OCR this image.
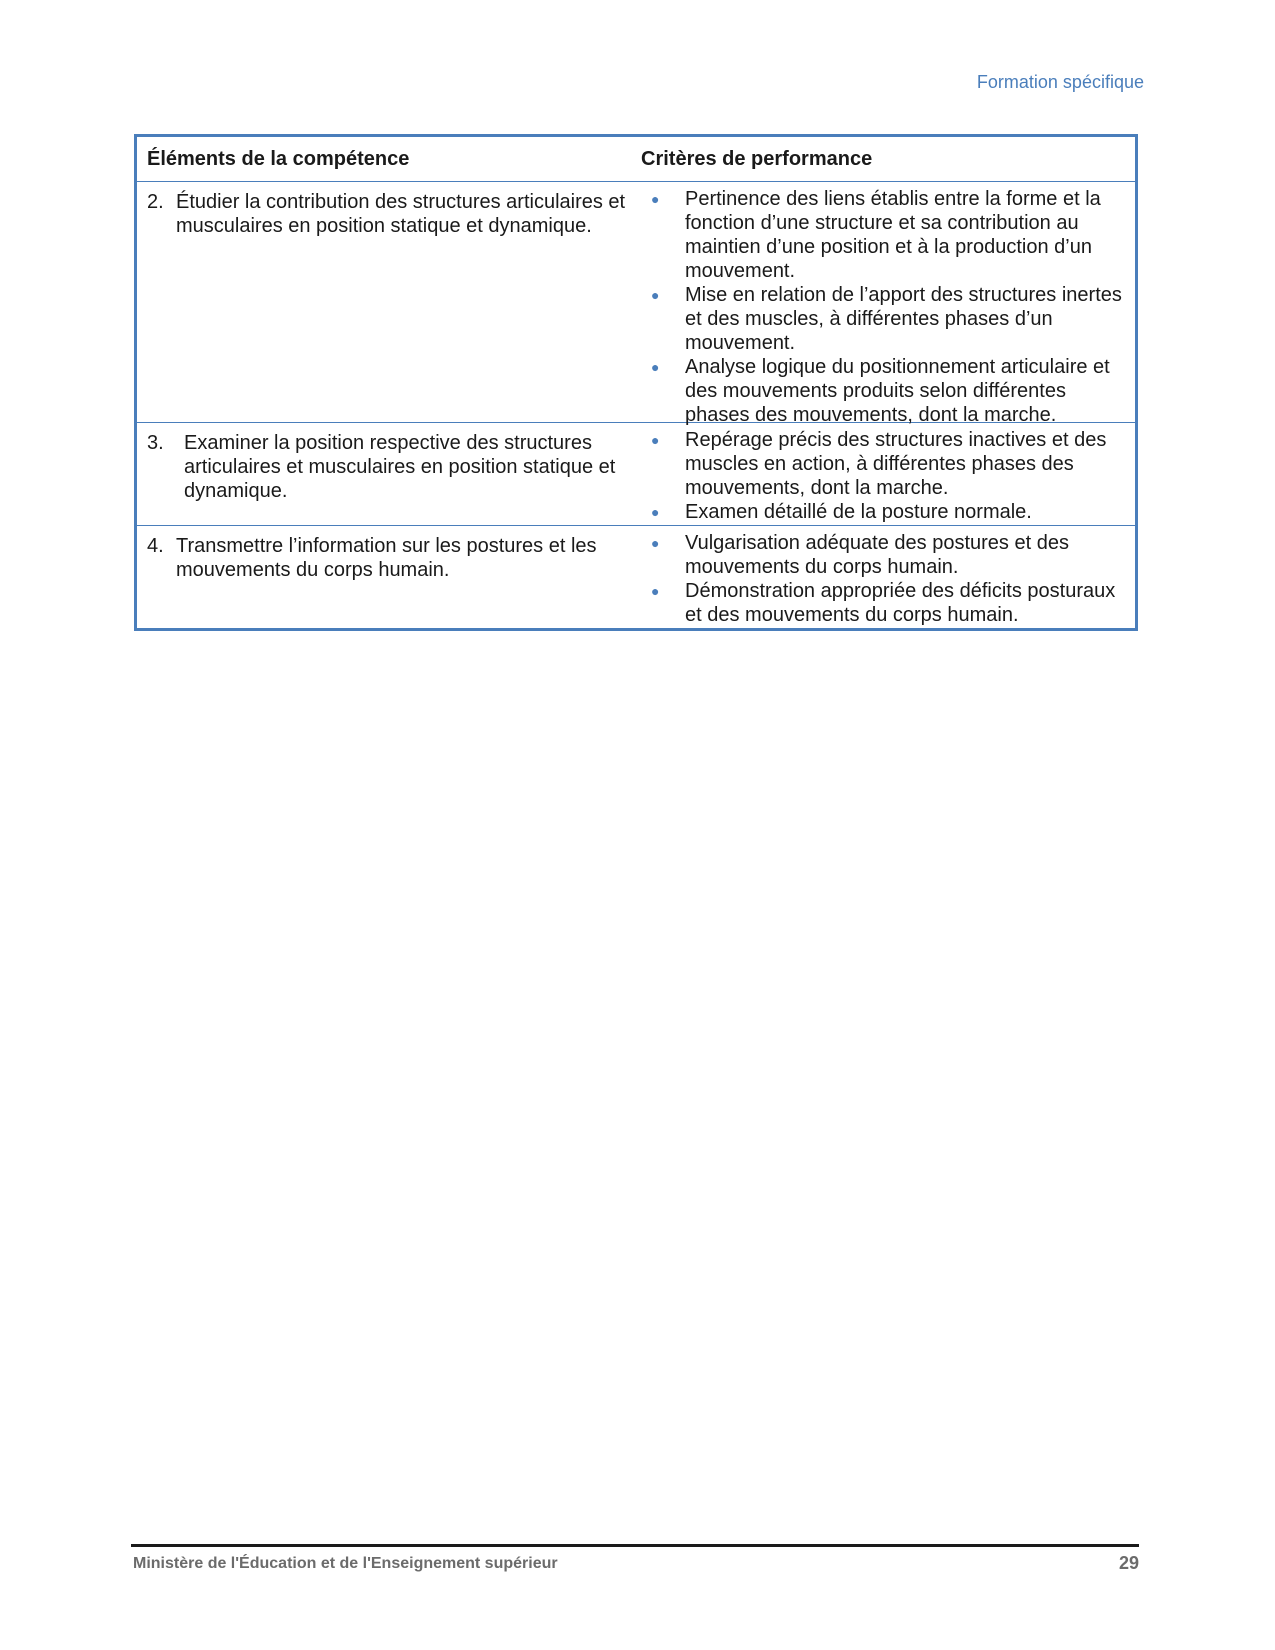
Formation spécifique
Éléments de la compétence	Critères de performance
2. Étudier la contribution des structures articulaires et musculaires en position statique et dynamique.
●	Pertinence des liens établis entre la forme et la fonction d’une structure et sa contribution au maintien d’une position et à la production d’un mouvement.
●	Mise en relation de l’apport des structures inertes et des muscles, à différentes phases d’un mouvement.
●	Analyse logique du positionnement articulaire et des mouvements produits selon différentes phases des mouvements, dont la marche.
3.	Examiner la position respective des structures articulaires et musculaires en position statique et dynamique.
●	Repérage précis des structures inactives et des muscles en action, à différentes phases des mouvements, dont la marche.
●	Examen détaillé de la posture normale.
4. Transmettre l’information sur les postures et les mouvements du corps humain.
●	Vulgarisation adéquate des postures et des mouvements du corps humain.
●	Démonstration appropriée des déficits posturaux et des mouvements du corps humain.
Ministère de l'Éducation et de l'Enseignement supérieur	29
